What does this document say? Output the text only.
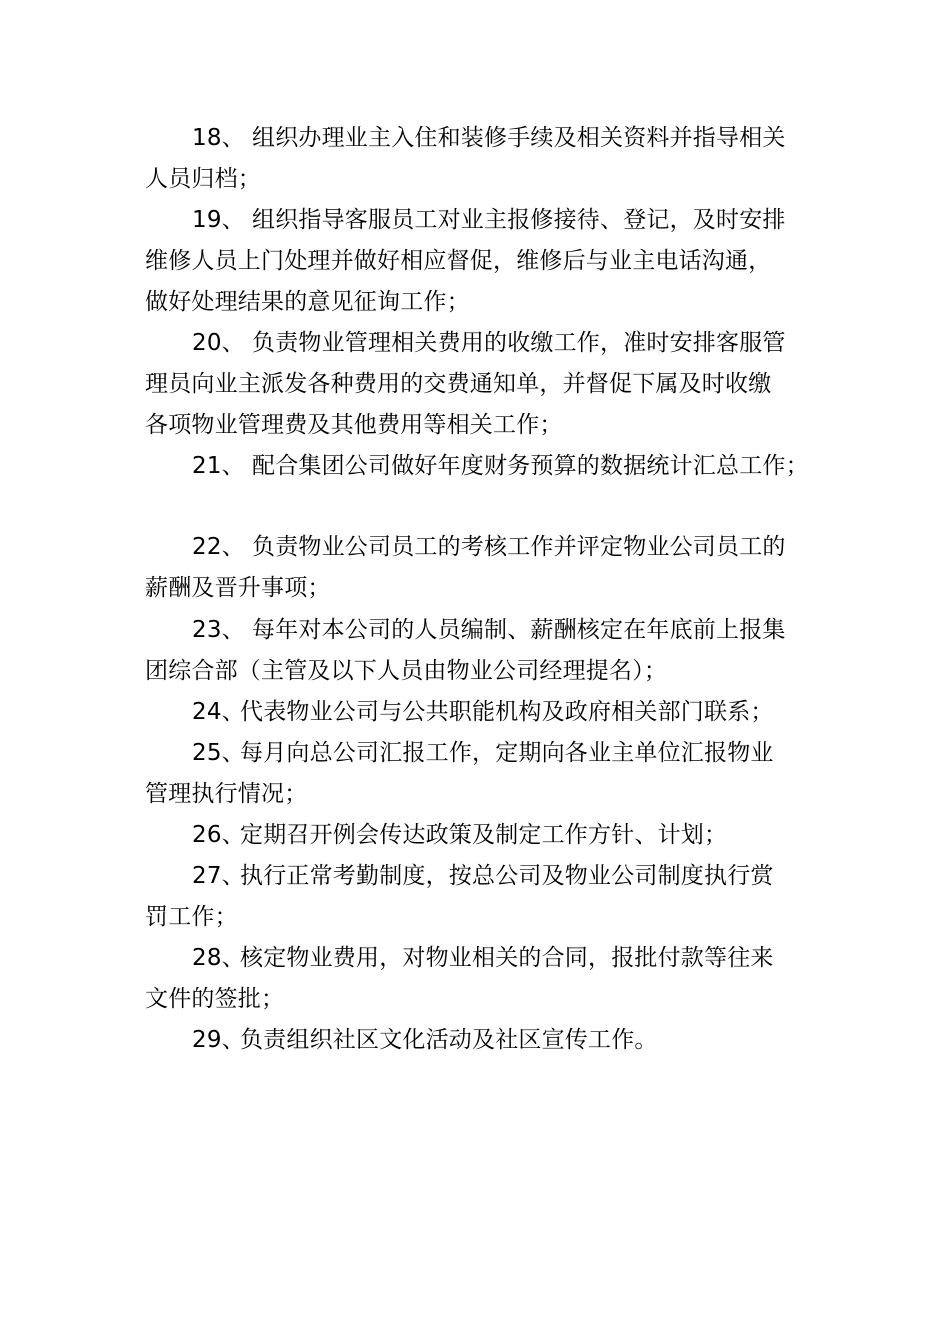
18、 组织办理业主入住和装修手续及相关资料并指导相关
人员归档；
19、 组织指导客服员工对业主报修接待、登记，及时安排
维修人员上门处理并做好相应督促，维修后与业主电话沟通，
做好处理结果的意见征询工作；
20、 负责物业管理相关费用的收缴工作，准时安排客服管
理员向业主派发各种费用的交费通知单，并督促下属及时收缴
各项物业管理费及其他费用等相关工作；
21、 配合集团公司做好年度财务预算的数据统计汇总工作；
22、 负责物业公司员工的考核工作并评定物业公司员工的
薪酬及晋升事项；
23、 每年对本公司的人员编制、薪酬核定在年底前上报集
团综合部（主管及以下人员由物业公司经理提名）；
24、
代表物业公司与公共职能机构及政府相关部门联系；
25、
每月向总公司汇报工作，定期向各业主单位汇报物业
管理执行情况；
26、
定期召开例会传达政策及制定工作方针、计划；
27、
执行正常考勤制度，按总公司及物业公司制度执行赏
罚工作；
28、
核定物业费用，对物业相关的合同，报批付款等往来
文件的签批；
29、
负责组织社区文化活动及社区宣传工作。
